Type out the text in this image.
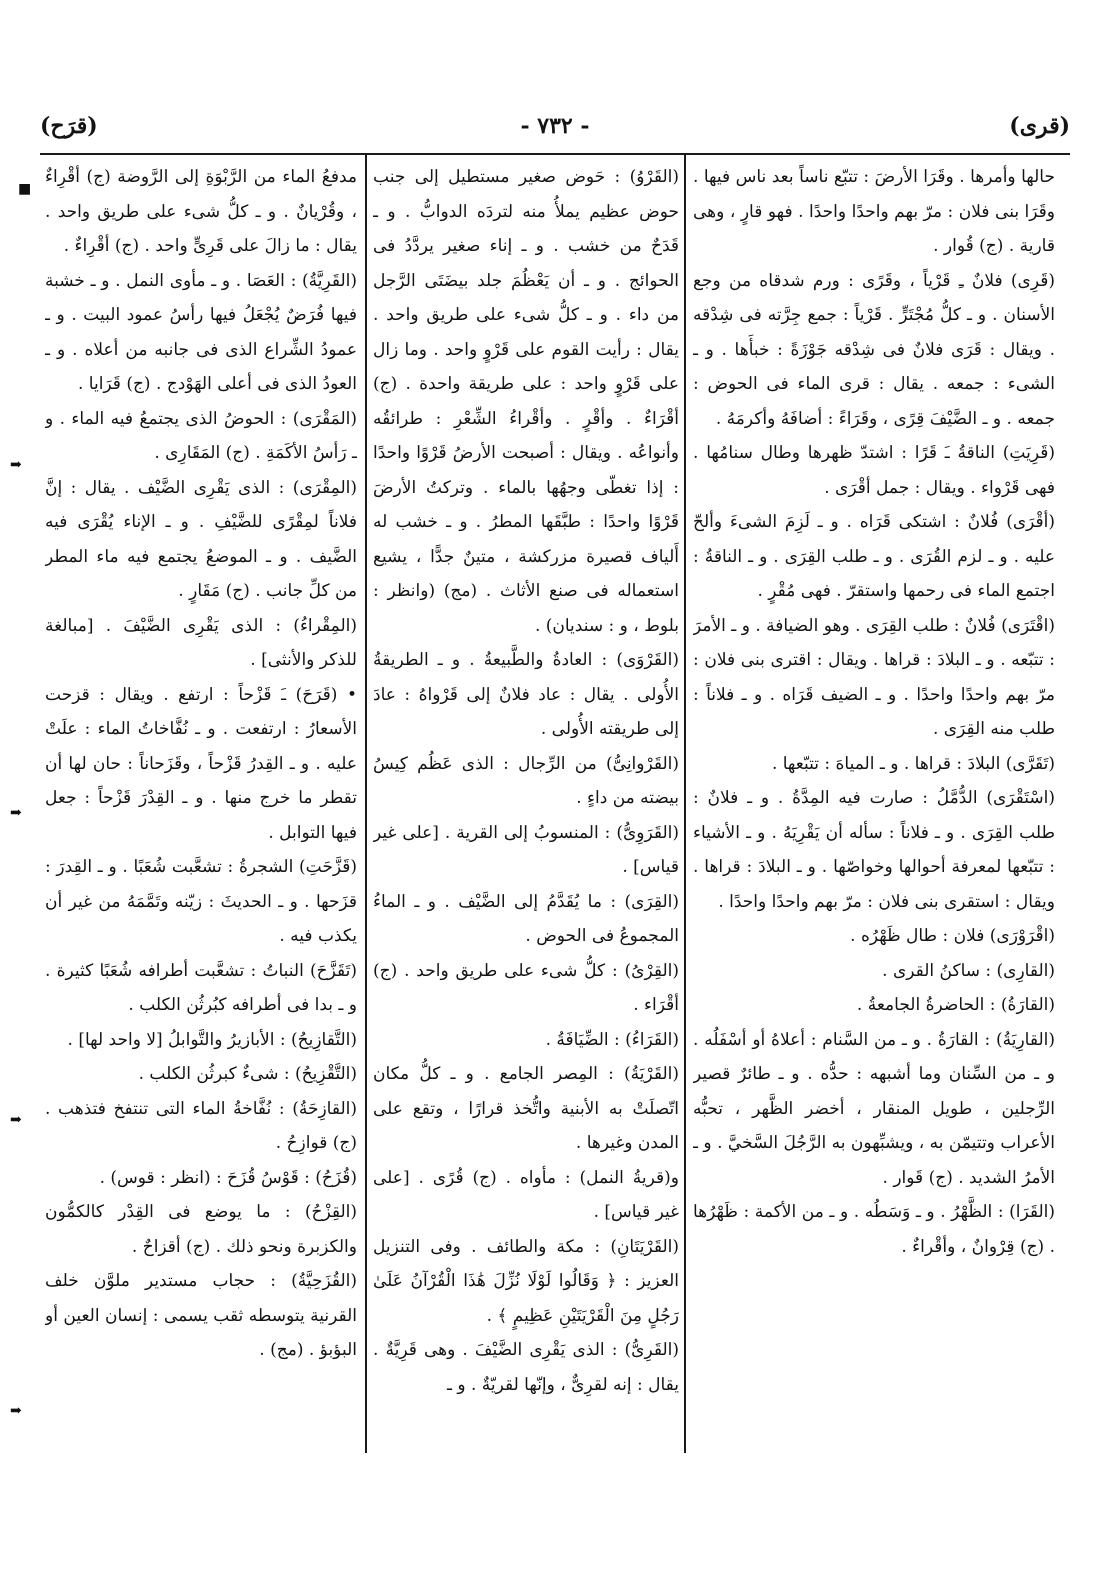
(قرى)
- ٧٣٢ -
(قرَح)

حالها وأمرها . وقَرَا الأرضَ : تتبّع ناساً بعد ناس فيها . وقَرَا بنى فلان : مرّ بهم واحدًا واحدًا . فهو قارٍ ، وهى قارية . (ج) قُوار .

(قَرِى) فلانٌ ـِ قَرْياً ، وقَرًى : ورم شدقاه من وجع الأسنان . و ـ كلُّ مُجْتَرٍّ . قَرْياً : جمع جِرَّته فى شِدْقه . ويقال : قَرَى فلانٌ فى شِدْقه جَوْزَةً : خبأَها . و ـ الشىء : جمعه . يقال : قرى الماء فى الحوض : جمعه . و ـ الضَّيْفَ قِرًى ، وقَرَاءً : أضافَهُ وأكرمَهُ .

(قَرِيَتِ) الناقةُ ـَ قَرًا : اشتدّ ظهرها وطال سنامُها . فهى قَرْواء . ويقال : جمل أقْرَى .

(أقْرَى) فُلانٌ : اشتكى قَرَاه . و ـ لَزِمَ الشىءَ وألحّ عليه . و ـ لزم القُرَى . و ـ طلب القِرَى . و ـ الناقةُ : اجتمع الماء فى رحمها واستقرّ . فهى مُقْرٍ .

(اقْتَرَى) فُلانٌ : طلب القِرَى . وهو الضيافة . و ـ الأمرَ : تتبّعه . و ـ البلادَ : قراها . ويقال : اقترى بنى فلان : مرّ بهم واحدًا واحدًا . و ـ الضيف قَرَاه . و ـ فلاناً : طلب منه القِرَى .

(تَقَرَّى) البلادَ : قراها . و ـ المياهَ : تتبّعها .

(اسْتَقْرَى) الدُّمَّلُ : صارت فيه المِدَّةُ . و ـ فلانٌ : طلب القِرَى . و ـ فلاناً : سأله أن يَقْرِيَهُ . و ـ الأشياء : تتبّعها لمعرفة أحوالها وخواصّها . و ـ البلادَ : قراها . ويقال : استقرى بنى فلان : مرّ بهم واحدًا واحدًا .

(اقْرَوْرَى) فلان : طال ظَهْرُه .

(القارِى) : ساكنُ القرى .

(القارَةُ) : الحاضرةُ الجامعةُ .

(القارِيَةُ) : القارَةُ . و ـ من السَّنام : أعلاهُ أو أسْفَلُه . و ـ من السِّنان وما أشبهه : حدُّه . و ـ طائرٌ قصير الرِّجلين ، طويل المنقار ، أخضر الظَّهر ، تحبُّه الأعراب وتتيمّن به ، ويشبِّهون به الرَّجُلَ السَّخيَّ . و ـ الأمرُ الشديد . (ج) قَوار .

(القَرَا) : الظَّهْرُ . و ـ وَسَطُه . و ـ من الأكمة : ظَهْرُها . (ج) قِرْوانٌ ، وأقْراءٌ .

(القَرْوُ) : حَوض صغير مستطيل إلى جنب حوض عظيم يملأُ منه لتردَه الدوابُّ . و ـ قَدَحٌ من خشب . و ـ إناء صغير يردَّدُ فى الحوائج . و ـ أن يَعْظُمَ جلد بيضَتَى الرَّجل من داء . و ـ كلُّ شىء على طريق واحد . يقال : رأيت القوم على قَرْوٍ واحد . وما زال على قَرْوٍ واحد : على طريقة واحدة . (ج) أقْرَاءٌ . وأقْرٍ . وأقْراءُ الشِّعْرِ : طرائقُه وأنواعُه . ويقال : أصبحت الأرضُ قَرْوًا واحدًا : إذا تغطّى وجهُها بالماء . وتركتُ الأرضَ قَرْوًا واحدًا : طبَّقَها المطرُ . و ـ خشب له أَلياف قصيرة مزركشة ، متينٌ جدًّا ، يشيع استعماله فى صنع الأثاث . (مج) (وانظر : بلوط ، و : سنديان) .

(القَرْوَى) : العادةُ والطَّبيعةُ . و ـ الطريقةُ الأُولى . يقال : عاد فلانٌ إلى قَرْواهُ : عادَ إلى طريقته الأُولى .

(القَرْوانِىُّ) من الرِّجال : الذى عَظُم كِيسُ بيضته من داءٍ .

(القَرَوِىُّ) : المنسوبُ إلى القرية . [على غير قياس] .

(القِرَى) : ما يُقَدَّمُ إلى الضَّيْف . و ـ الماءُ المجموعُ فى الحوض .

(القِرْىُ) : كلُّ شىء على طريق واحد . (ج) أقْرَاء .

(القَرَاءُ) : الضِّيَافَةُ .

(القَرْيَةُ) : المِصر الجامع . و ـ كلُّ مكان اتّصلَتْ به الأبنية واتُّخذ قرارًا ، وتقع على المدن وغيرها .

و(قريةُ النمل) : مأواه . (ج) قُرًى . [على غير قياس] .

(القَرْيَتَانِ) : مكة والطائف . وفى التنزيل العزيز : ﴿ وَقَالُوا لَوْلَا نُزِّلَ هَٰذَا الْقُرْآنُ عَلَىٰ رَجُلٍ مِنَ الْقَرْيَتَيْنِ عَظِيمٍ ﴾ .

(القَرِىُّ) : الذى يَقْرِى الضَّيْفَ . وهى قَرِيَّةٌ . يقال : إنه لقرِىٌّ ، وإنّها لقريّةٌ . و ـ

مدفعُ الماء من الرَّبْوَةِ إلى الرَّوضة (ج) أقْرِاءٌ ، وقُرْيانٌ . و ـ كلُّ شىء على طريق واحد . يقال : ما زالَ على قَرِىٍّ واحد . (ج) أقْرِاءٌ .

(القَرِيَّةُ) : العَصَا . و ـ مأوى النمل . و ـ خشبة فيها فُرَضٌ يُجْعَلُ فيها رأسُ عمود البيت . و ـ عمودُ الشِّراع الذى فى جانبه من أعلاه . و ـ العودُ الذى فى أعلى الهَوْدج . (ج) قَرَايا .

(المَقْرَى) : الحوضُ الذى يجتمعُ فيه الماء . و ـ رَأسُ الأكَمَةِ . (ج) المَقَارِى .

(المِقْرَى) : الذى يَقْرِى الضَّيْف . يقال : إنَّ فلاناً لمِقْرًى للضَّيْفِ . و ـ الإناء يُقْرَى فيه الضَّيف . و ـ الموضعُ يجتمع فيه ماء المطر من كلِّ جانب . (ج) مَقَارٍ .

(المِقْراءُ) : الذى يَقْرِى الضَّيْفَ . [مبالغة للذكر والأنثى] .

• (قَرَحَ) ـَ قَزْحاً : ارتفع . ويقال : قزحت الأسعارُ : ارتفعت . و ـ نُفَّاخاتُ الماء : علَتْ عليه . و ـ القِدرُ قَزْحاً ، وقَزَحاناً : حان لها أن تقطر ما خرج منها . و ـ القِدْرَ قَزْحاً : جعل فيها التوابل .

(قَزَّحَتِ) الشجرةُ : تشعَّبت شُعَبًا . و ـ القِدرَ : قزَحها . و ـ الحديثَ : زيّنه وتَمَّمَهُ من غير أن يكذب فيه .

(تَقَزَّحَ) النباتُ : تشعَّبت أطرافه شُعَبًا كثيرة . و ـ بدا فى أطرافه كبُرثُن الكلب .

(التَّقازِيحُ) : الأبازيرُ والتَّوابلُ [لا واحد لها] .

(التَّقْزِيحُ) : شىءٌ كبرثُن الكلب .

(القازِحَةُ) : نُفَّاخةُ الماء التى تنتفخ فتذهب . (ج) قوازِحُ .

(قُزَحُ) : قَوْسُ قُزَحَ : (انظر : قوس) .

(القِزْحُ) : ما يوضع فى القِدْر كالكمُّون والكزبرة ونحو ذلك . (ج) أقزاحٌ .

(القُزَحِيَّةُ) : حجاب مستدير ملوَّن خلف القرنية يتوسطه ثقب يسمى : إنسان العين أو البؤبؤ . (مج) .

■
➡
➡
➡
➡
